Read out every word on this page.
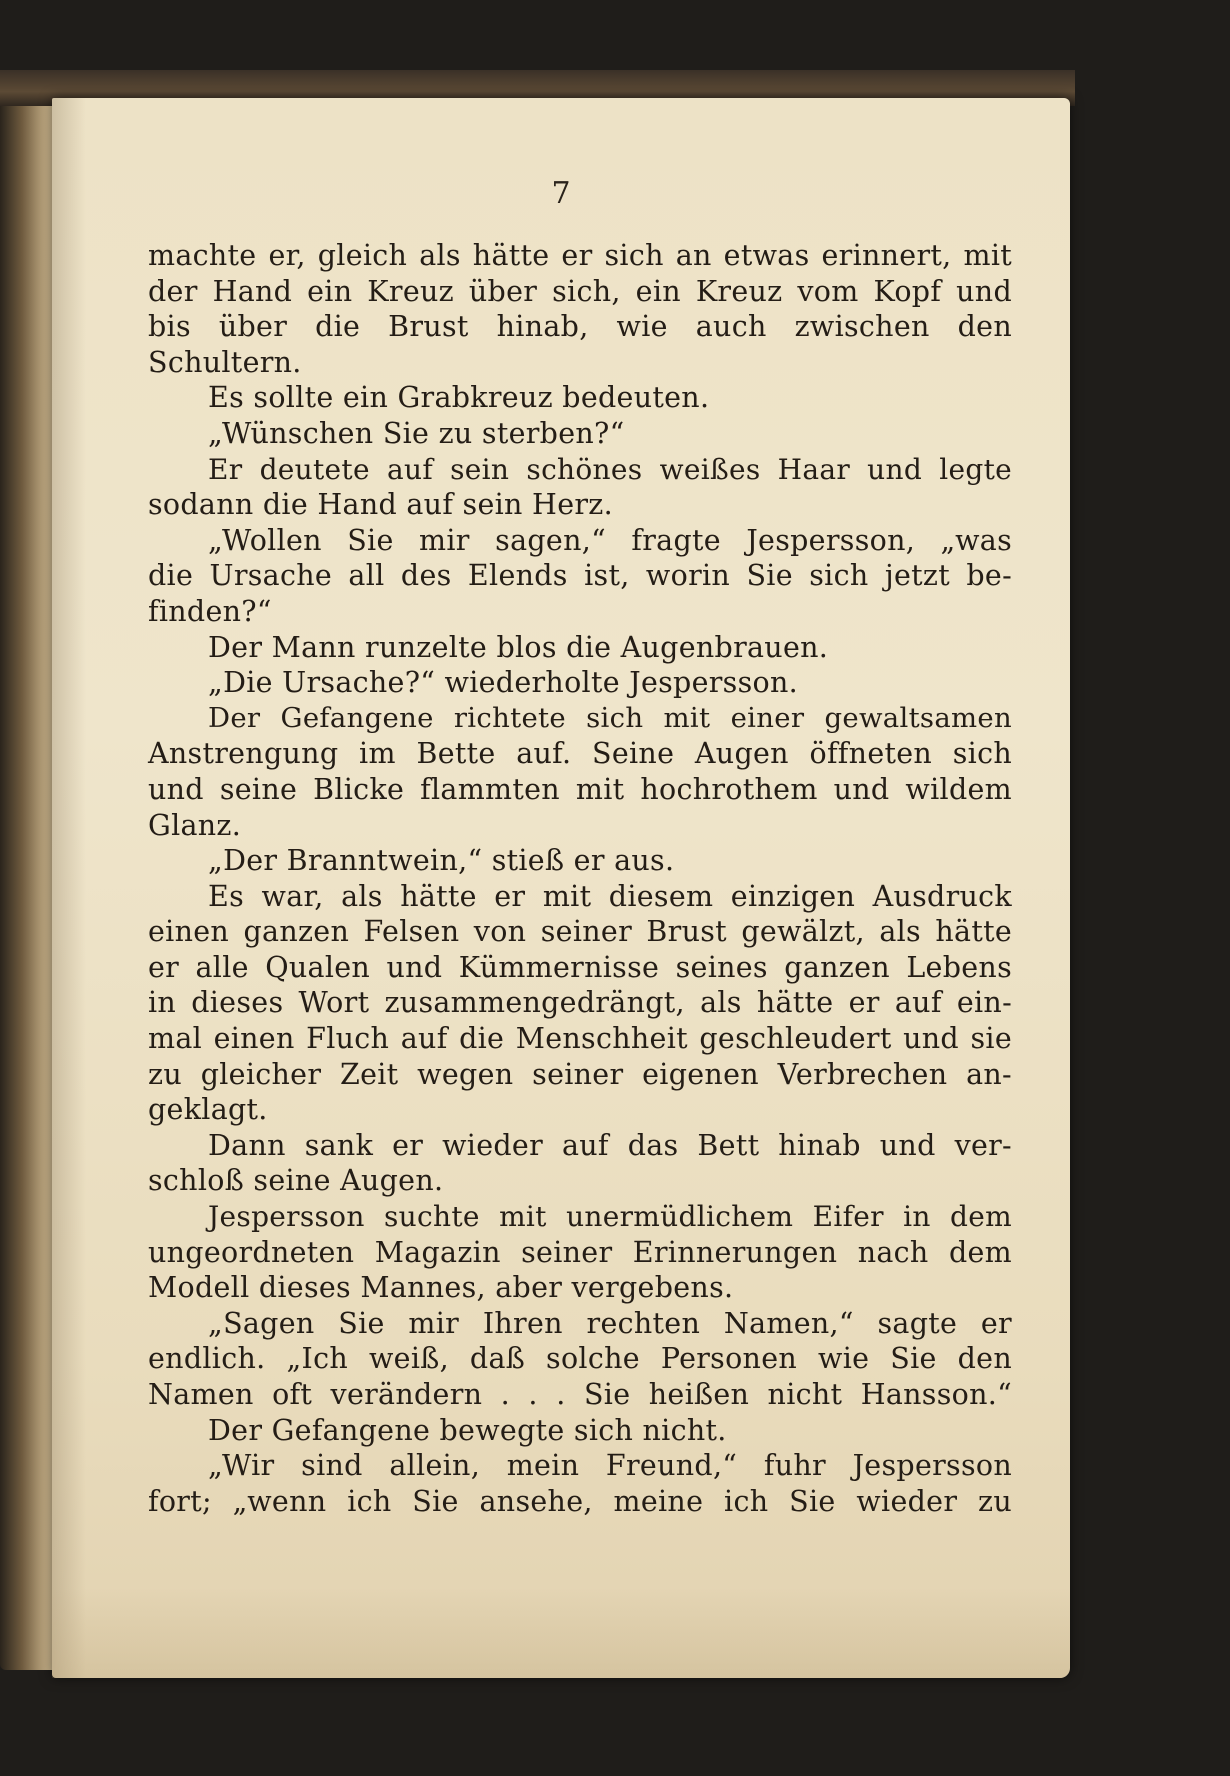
7
machte er, gleich als hätte er sich an etwas erinnert, mit
der Hand ein Kreuz über sich, ein Kreuz vom Kopf und
bis über die Brust hinab, wie auch zwischen den
Schultern.
Es sollte ein Grabkreuz bedeuten.
„Wünschen Sie zu sterben?“
Er deutete auf sein schönes weißes Haar und legte
sodann die Hand auf sein Herz.
„Wollen Sie mir sagen,“ fragte Jespersson, „was
die Ursache all des Elends ist, worin Sie sich jetzt be-
finden?“
Der Mann runzelte blos die Augenbrauen.
„Die Ursache?“ wiederholte Jespersson.
Der Gefangene richtete sich mit einer gewaltsamen
Anstrengung im Bette auf. Seine Augen öffneten sich
und seine Blicke flammten mit hochrothem und wildem
Glanz.
„Der Branntwein,“ stieß er aus.
Es war, als hätte er mit diesem einzigen Ausdruck
einen ganzen Felsen von seiner Brust gewälzt, als hätte
er alle Qualen und Kümmernisse seines ganzen Lebens
in dieses Wort zusammengedrängt, als hätte er auf ein-
mal einen Fluch auf die Menschheit geschleudert und sie
zu gleicher Zeit wegen seiner eigenen Verbrechen an-
geklagt.
Dann sank er wieder auf das Bett hinab und ver-
schloß seine Augen.
Jespersson suchte mit unermüdlichem Eifer in dem
ungeordneten Magazin seiner Erinnerungen nach dem
Modell dieses Mannes, aber vergebens.
„Sagen Sie mir Ihren rechten Namen,“ sagte er
endlich. „Ich weiß, daß solche Personen wie Sie den
Namen oft verändern . . . Sie heißen nicht Hansson.“
Der Gefangene bewegte sich nicht.
„Wir sind allein, mein Freund,“ fuhr Jespersson
fort; „wenn ich Sie ansehe, meine ich Sie wieder zu
